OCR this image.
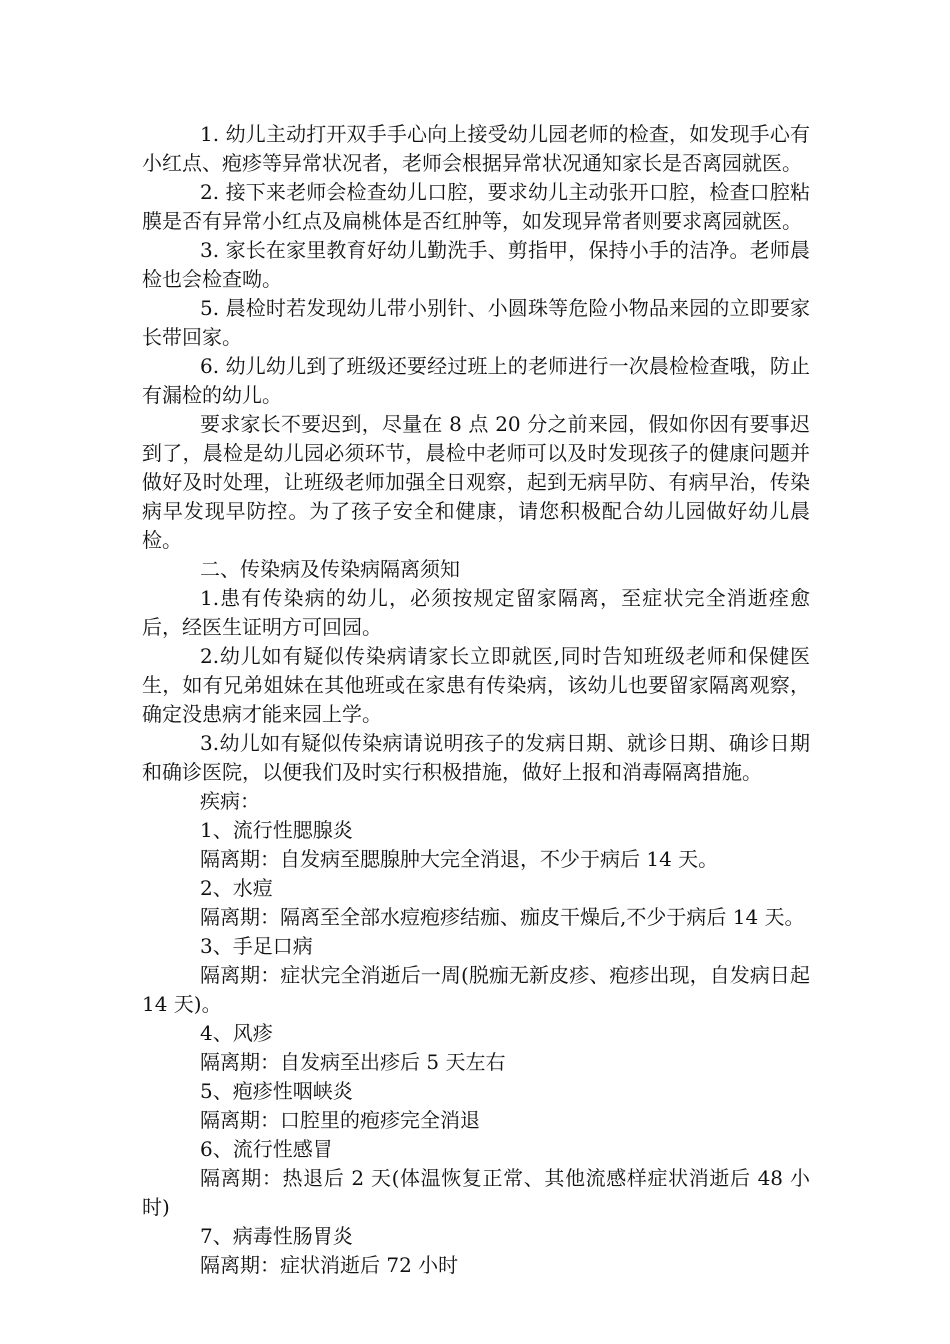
1. 幼儿主动打开双手手心向上接受幼儿园老师的检查，如发现手心有小红点、疱疹等异常状况者，老师会根据异常状况通知家长是否离园就医。

2. 接下来老师会检查幼儿口腔，要求幼儿主动张开口腔，检查口腔粘膜是否有异常小红点及扁桃体是否红肿等，如发现异常者则要求离园就医。

3. 家长在家里教育好幼儿勤洗手、剪指甲，保持小手的洁净。老师晨检也会检查呦。

5. 晨检时若发现幼儿带小别针、小圆珠等危险小物品来园的立即要家长带回家。

6. 幼儿幼儿到了班级还要经过班上的老师进行一次晨检检查哦，防止有漏检的幼儿。

要求家长不要迟到，尽量在 8 点 20 分之前来园，假如你因有要事迟到了，晨检是幼儿园必须环节，晨检中老师可以及时发现孩子的健康问题并做好及时处理，让班级老师加强全日观察，起到无病早防、有病早治，传染病早发现早防控。为了孩子安全和健康，请您积极配合幼儿园做好幼儿晨检。

二、传染病及传染病隔离须知

1.患有传染病的幼儿，必须按规定留家隔离，至症状完全消逝痊愈后，经医生证明方可回园。

2.幼儿如有疑似传染病请家长立即就医,同时告知班级老师和保健医生，如有兄弟姐妹在其他班或在家患有传染病，该幼儿也要留家隔离观察，确定没患病才能来园上学。

3.幼儿如有疑似传染病请说明孩子的发病日期、就诊日期、确诊日期和确诊医院，以便我们及时实行积极措施，做好上报和消毒隔离措施。

疾病：

1、流行性腮腺炎

隔离期：自发病至腮腺肿大完全消退，不少于病后 14 天。

2、水痘

隔离期：隔离至全部水痘疱疹结痂、痂皮干燥后,不少于病后 14 天。

3、手足口病

隔离期：症状完全消逝后一周(脱痂无新皮疹、疱疹出现，自发病日起 14 天)。

4、风疹

隔离期：自发病至出疹后 5 天左右

5、疱疹性咽峡炎

隔离期：口腔里的疱疹完全消退

6、流行性感冒

隔离期：热退后 2 天(体温恢复正常、其他流感样症状消逝后 48 小时)

7、病毒性肠胃炎

隔离期：症状消逝后 72 小时
